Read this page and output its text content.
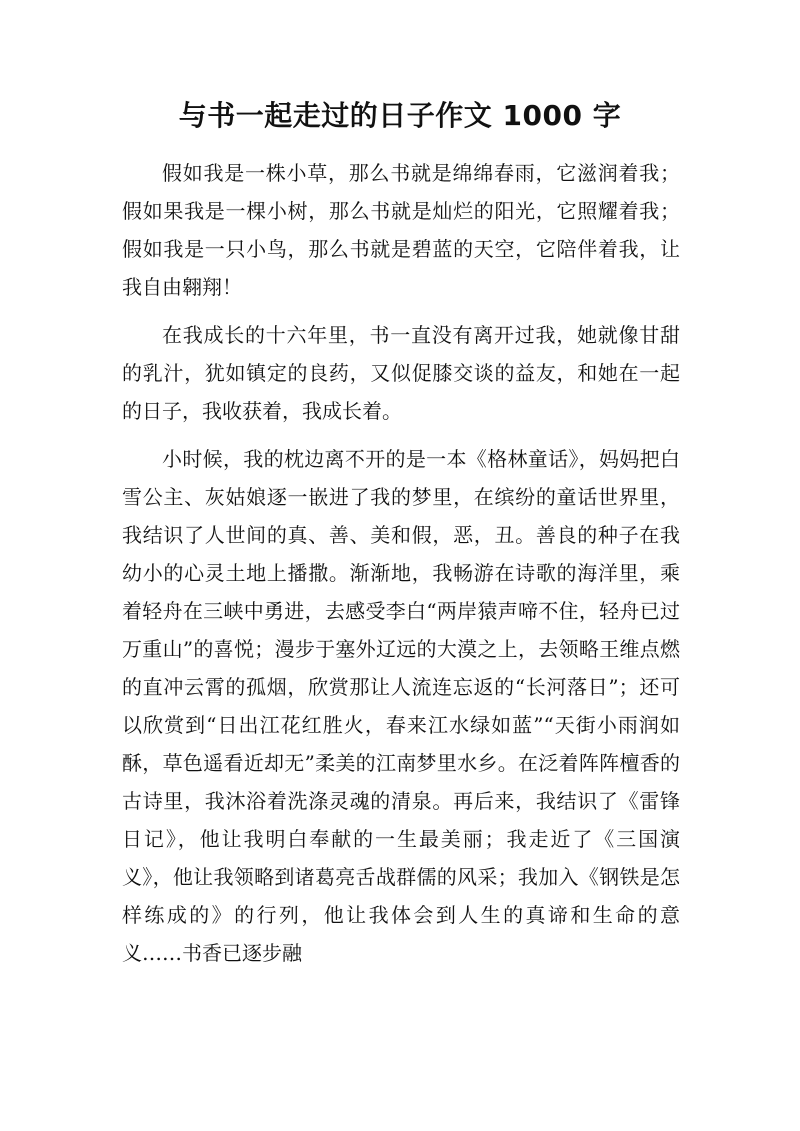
与书一起走过的日子作文 1000 字

假如我是一株小草，那么书就是绵绵春雨，它滋润着我；假如果我是一棵小树，那么书就是灿烂的阳光，它照耀着我；假如我是一只小鸟，那么书就是碧蓝的天空，它陪伴着我，让我自由翱翔！

在我成长的十六年里，书一直没有离开过我，她就像甘甜的乳汁，犹如镇定的良药，又似促膝交谈的益友，和她在一起的日子，我收获着，我成长着。

小时候，我的枕边离不开的是一本《格林童话》，妈妈把白雪公主、灰姑娘逐一嵌进了我的梦里，在缤纷的童话世界里，我结识了人世间的真、善、美和假，恶，丑。善良的种子在我幼小的心灵土地上播撒。渐渐地，我畅游在诗歌的海洋里，乘着轻舟在三峡中勇进，去感受李白“两岸猿声啼不住，轻舟已过万重山”的喜悦；漫步于塞外辽远的大漠之上，去领略王维点燃的直冲云霄的孤烟，欣赏那让人流连忘返的“长河落日”；还可以欣赏到“日出江花红胜火，春来江水绿如蓝”“天街小雨润如酥，草色遥看近却无”柔美的江南梦里水乡。在泛着阵阵檀香的古诗里，我沐浴着洗涤灵魂的清泉。再后来，我结识了《雷锋日记》，他让我明白奉献的一生最美丽；我走近了《三国演义》，他让我领略到诸葛亮舌战群儒的风采；我加入《钢铁是怎样练成的》的行列，他让我体会到人生的真谛和生命的意义……书香已逐步融
